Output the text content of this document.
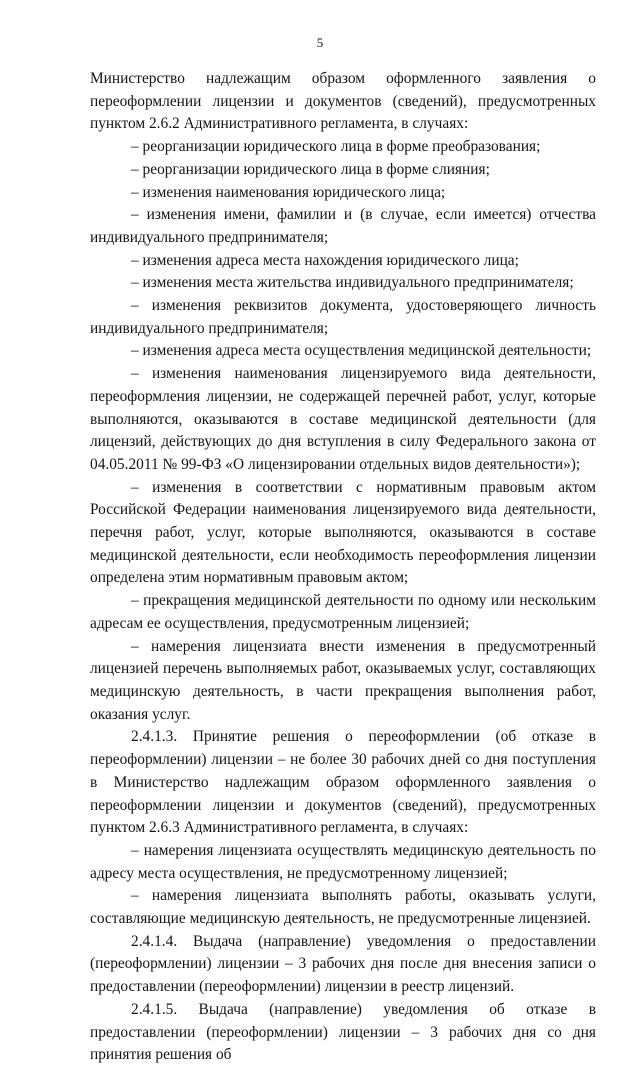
5

Министерство надлежащим образом оформленного заявления о переоформлении лицензии и документов (сведений), предусмотренных пунктом 2.6.2 Административного регламента, в случаях:

– реорганизации юридического лица в форме преобразования;

– реорганизации юридического лица в форме слияния;

– изменения наименования юридического лица;

– изменения имени, фамилии и (в случае, если имеется) отчества индивидуального предпринимателя;

– изменения адреса места нахождения юридического лица;

– изменения места жительства индивидуального предпринимателя;

– изменения реквизитов документа, удостоверяющего личность индивидуального предпринимателя;

– изменения адреса места осуществления медицинской деятельности;

– изменения наименования лицензируемого вида деятельности, переоформления лицензии, не содержащей перечней работ, услуг, которые выполняются, оказываются в составе медицинской деятельности (для лицензий, действующих до дня вступления в силу Федерального закона от 04.05.2011 № 99-ФЗ «О лицензировании отдельных видов деятельности»);

– изменения в соответствии с нормативным правовым актом Российской Федерации наименования лицензируемого вида деятельности, перечня работ, услуг, которые выполняются, оказываются в составе медицинской деятельности, если необходимость переоформления лицензии определена этим нормативным правовым актом;

– прекращения медицинской деятельности по одному или нескольким адресам ее осуществления, предусмотренным лицензией;

– намерения лицензиата внести изменения в предусмотренный лицензией перечень выполняемых работ, оказываемых услуг, составляющих медицинскую деятельность, в части прекращения выполнения работ, оказания услуг.

2.4.1.3. Принятие решения о переоформлении (об отказе в переоформлении) лицензии – не более 30 рабочих дней со дня поступления в Министерство надлежащим образом оформленного заявления о переоформлении лицензии и документов (сведений), предусмотренных пунктом 2.6.3 Административного регламента, в случаях:

– намерения лицензиата осуществлять медицинскую деятельность по адресу места осуществления, не предусмотренному лицензией;

– намерения лицензиата выполнять работы, оказывать услуги, составляющие медицинскую деятельность, не предусмотренные лицензией.

2.4.1.4. Выдача (направление) уведомления о предоставлении (переоформлении) лицензии – 3 рабочих дня после дня внесения записи о предоставлении (переоформлении) лицензии в реестр лицензий.

2.4.1.5. Выдача (направление) уведомления об отказе в предоставлении (переоформлении) лицензии – 3 рабочих дня со дня принятия решения об
